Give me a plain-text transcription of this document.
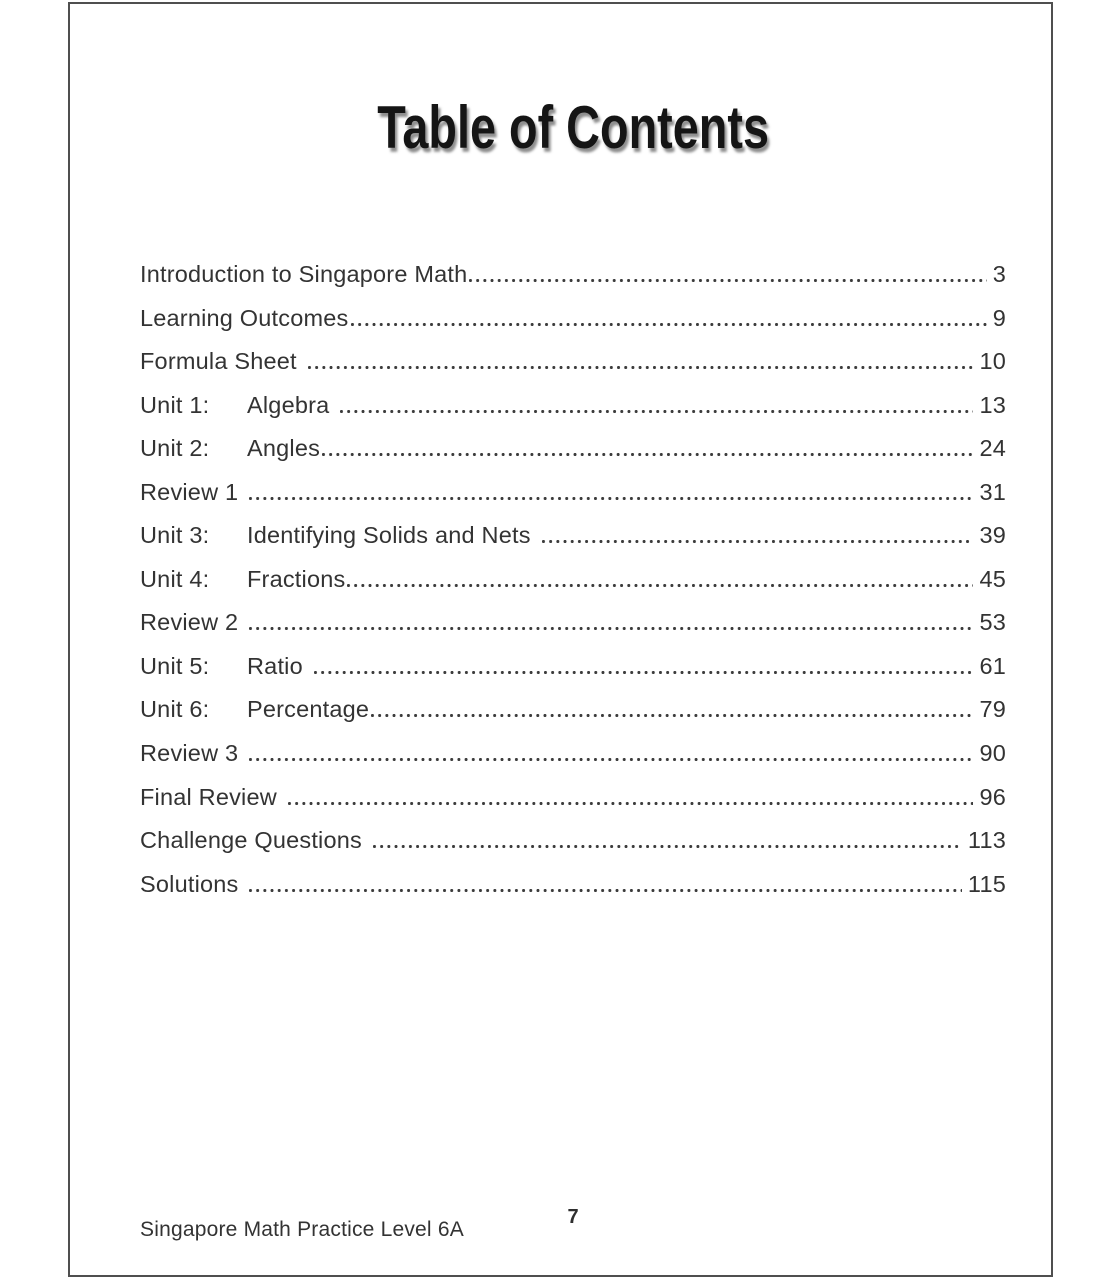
Table of Contents
Introduction to Singapore Math	3
Learning Outcomes	9
Formula Sheet	10
Unit 1:	Algebra	13
Unit 2:	Angles	24
Review 1	31
Unit 3:	Identifying Solids and Nets	39
Unit 4:	Fractions	45
Review 2	53
Unit 5:	Ratio	61
Unit 6:	Percentage	79
Review 3	90
Final Review	96
Challenge Questions	113
Solutions	115
Singapore Math Practice Level 6A
7
